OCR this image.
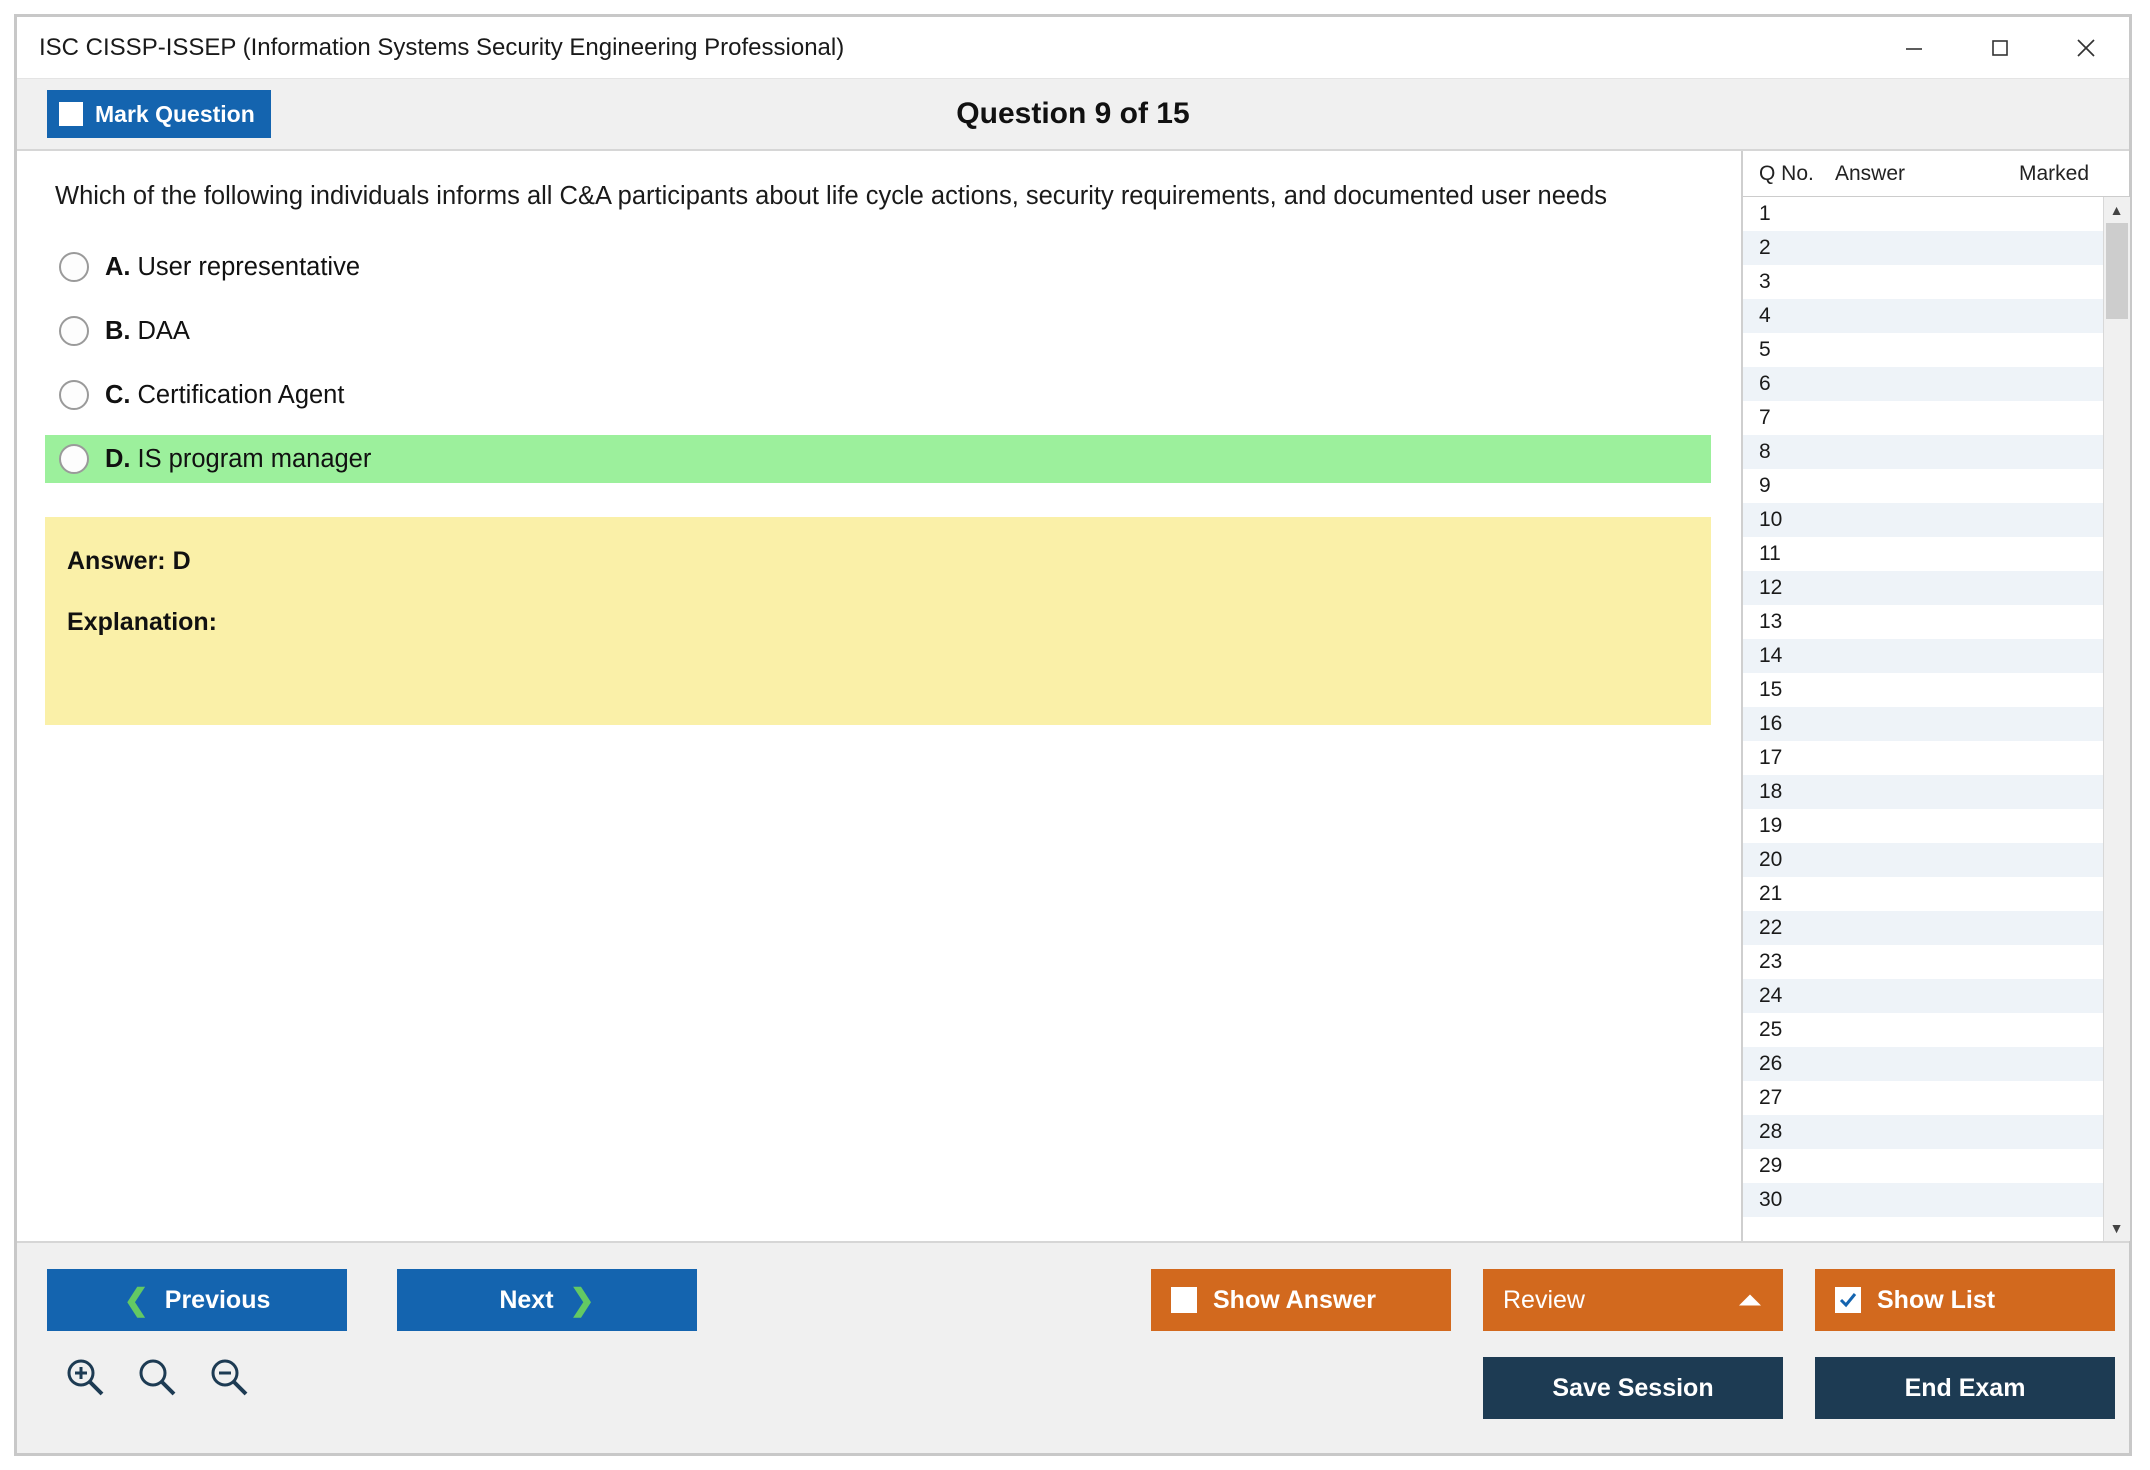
ISC CISSP-ISSEP (Information Systems Security Engineering Professional)
Mark Question	Question 9 of 15
Which of the following individuals informs all C&A participants about life cycle actions, security requirements, and documented user needs
A. User representative
B. DAA
C. Certification Agent
D. IS program manager
Answer: D
Explanation:
Q No.	Answer	Marked
1
2
3
4
5
6
7
8
9
10
11
12
13
14
15
16
17
18
19
20
21
22
23
24
25
26
27
28
29
30
▲
▼
❮ Previous	Next ❯	Show Answer	Review	Show List
Save Session	End Exam
